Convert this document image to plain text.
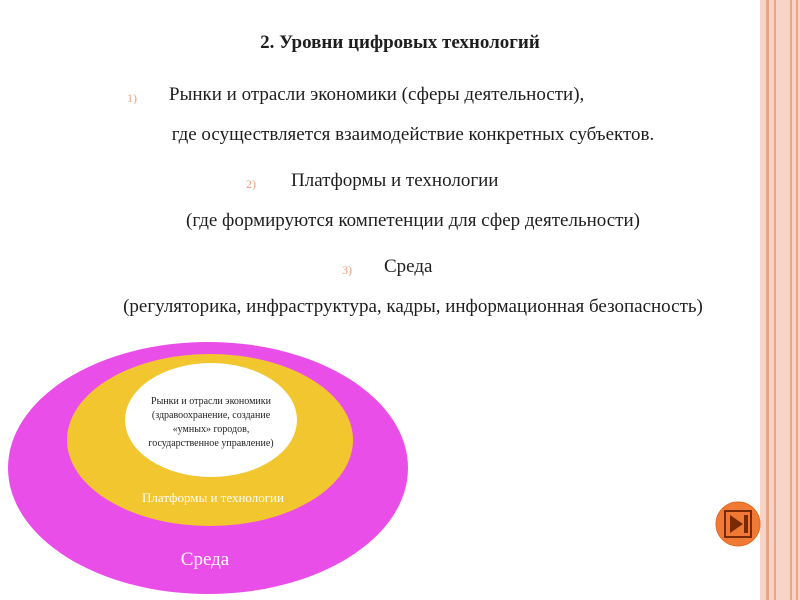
2. Уровни цифровых технологий
1) Рынки и отрасли экономики (сферы деятельности),
где осуществляется взаимодействие конкретных субъектов.
2) Платформы и технологии
(где формируются компетенции для сфер деятельности)
3) Среда
(регуляторика, инфраструктура, кадры, информационная безопасность)
Рынки и отрасли экономики
(здравоохранение, создание
«умных» городов,
государственное управление)
Платформы и технологии
Среда
